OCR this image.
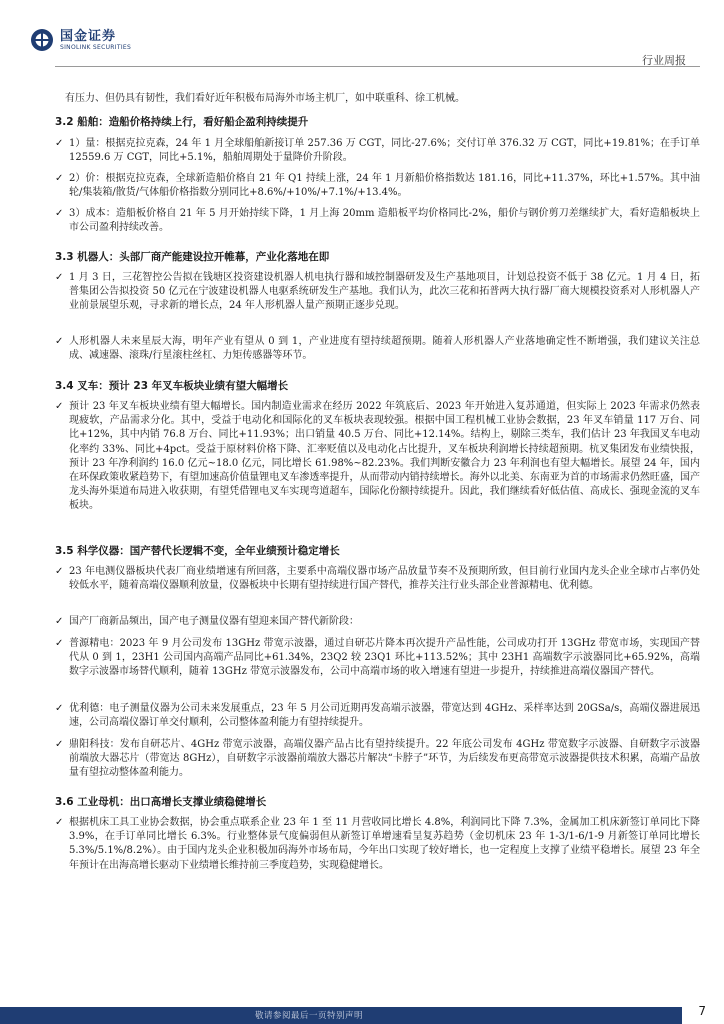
国金证券
SINOLINK SECURITIES
行业周报

有压力、但仍具有韧性，我们看好近年积极布局海外市场主机厂，如中联重科、徐工机械。

3.2 船舶：造船价格持续上行，看好船企盈利持续提升

✓ 1）量：根据克拉克森，24 年 1 月全球船舶新接订单 257.36 万 CGT，同比-27.6%；交付订单 376.32 万 CGT，同比+19.81%；在手订单 12559.6 万 CGT，同比+5.1%，船舶周期处于量降价升阶段。
✓ 2）价：根据克拉克森，全球新造船价格自 21 年 Q1 持续上涨，24 年 1 月新船价格指数达 181.16，同比+11.37%，环比+1.57%。其中油轮/集装箱/散货/气体船价格指数分别同比+8.6%/+10%/+7.1%/+13.4%。
✓ 3）成本：造船板价格自 21 年 5 月开始持续下降，1 月上海 20mm 造船板平均价格同比-2%，船价与钢价剪刀差继续扩大，看好造船板块上市公司盈利持续改善。

3.3 机器人：头部厂商产能建设拉开帷幕，产业化落地在即

✓ 1 月 3 日，三花智控公告拟在钱塘区投资建设机器人机电执行器和域控制器研发及生产基地项目，计划总投资不低于 38 亿元。1 月 4 日，拓普集团公告拟投资 50 亿元在宁波建设机器人电驱系统研发生产基地。我们认为，此次三花和拓普两大执行器厂商大规模投资系对人形机器人产业前景展望乐观，寻求新的增长点，24 年人形机器人量产预期正逐步兑现。
✓ 人形机器人未来星辰大海，明年产业有望从 0 到 1，产业进度有望持续超预期。随着人形机器人产业落地确定性不断增强，我们建议关注总成、减速器、滚珠/行星滚柱丝杠、力矩传感器等环节。

3.4 叉车：预计 23 年叉车板块业绩有望大幅增长

✓ 预计 23 年叉车板块业绩有望大幅增长。国内制造业需求在经历 2022 年筑底后、2023 年开始进入复苏通道，但实际上 2023 年需求仍然表现疲软，产品需求分化。其中，受益于电动化和国际化的叉车板块表现较强。根据中国工程机械工业协会数据，23 年叉车销量 117 万台、同比+12%，其中内销 76.8 万台、同比+11.93%；出口销量 40.5 万台、同比+12.14%。结构上，剔除三类车，我们估计 23 年我国叉车电动化率约 33%、同比+4pct。受益于原材料价格下降、汇率贬值以及电动化占比提升，叉车板块利润增长持续超预期。杭叉集团发布业绩快报，预计 23 年净利润约 16.0 亿元~18.0 亿元，同比增长 61.98%~82.23%。我们判断安徽合力 23 年利润也有望大幅增长。展望 24 年，国内在环保政策收紧趋势下，有望加速高价值量锂电叉车渗透率提升，从而带动内销持续增长。海外以北美、东南亚为首的市场需求仍然旺盛，国产龙头海外渠道布局进入收获期，有望凭借锂电叉车实现弯道超车，国际化份额持续提升。因此，我们继续看好低估值、高成长、强现金流的叉车板块。

3.5 科学仪器：国产替代长逻辑不变，全年业绩预计稳定增长

✓ 23 年电测仪器板块代表厂商业绩增速有所回落，主要系中高端仪器市场产品放量节奏不及预期所致，但目前行业国内龙头企业全球市占率仍处较低水平，随着高端仪器顺利放量，仪器板块中长期有望持续进行国产替代，推荐关注行业头部企业普源精电、优利德。
✓ 国产厂商新品频出，国产电子测量仪器有望迎来国产替代新阶段：
✓ 普源精电：2023 年 9 月公司发布 13GHz 带宽示波器，通过自研芯片降本再次提升产品性能，公司成功打开 13GHz 带宽市场，实现国产替代从 0 到 1，23H1 公司国内高端产品同比+61.34%，23Q2 较 23Q1 环比+113.52%；其中 23H1 高端数字示波器同比+65.92%，高端数字示波器市场替代顺利，随着 13GHz 带宽示波器发布，公司中高端市场的收入增速有望进一步提升，持续推进高端仪器国产替代。
✓ 优利德：电子测量仪器为公司未来发展重点，23 年 5 月公司近期再发高端示波器，带宽达到 4GHz、采样率达到 20GSa/s，高端仪器进展迅速，公司高端仪器订单交付顺利，公司整体盈利能力有望持续提升。
✓ 鼎阳科技：发布自研芯片、4GHz 带宽示波器，高端仪器产品占比有望持续提升。22 年底公司发布 4GHz 带宽数字示波器、自研数字示波器前端放大器芯片（带宽达 8GHz），自研数字示波器前端放大器芯片解决“卡脖子”环节，为后续发布更高带宽示波器提供技术积累，高端产品放量有望拉动整体盈利能力。

3.6 工业母机：出口高增长支撑业绩稳健增长

✓ 根据机床工具工业协会数据，协会重点联系企业 23 年 1 至 11 月营收同比增长 4.8%，利润同比下降 7.3%，金属加工机床新签订单同比下降 3.9%，在手订单同比增长 6.3%。行业整体景气度偏弱但从新签订单增速看呈复苏趋势（金切机床 23 年 1-3/1-6/1-9 月新签订单同比增长 5.3%/5.1%/8.2%）。由于国内龙头企业积极加码海外市场布局，今年出口实现了较好增长，也一定程度上支撑了业绩平稳增长。展望 23 年全年预计在出海高增长驱动下业绩增长维持前三季度趋势，实现稳健增长。
敬请参阅最后一页特别声明	7
